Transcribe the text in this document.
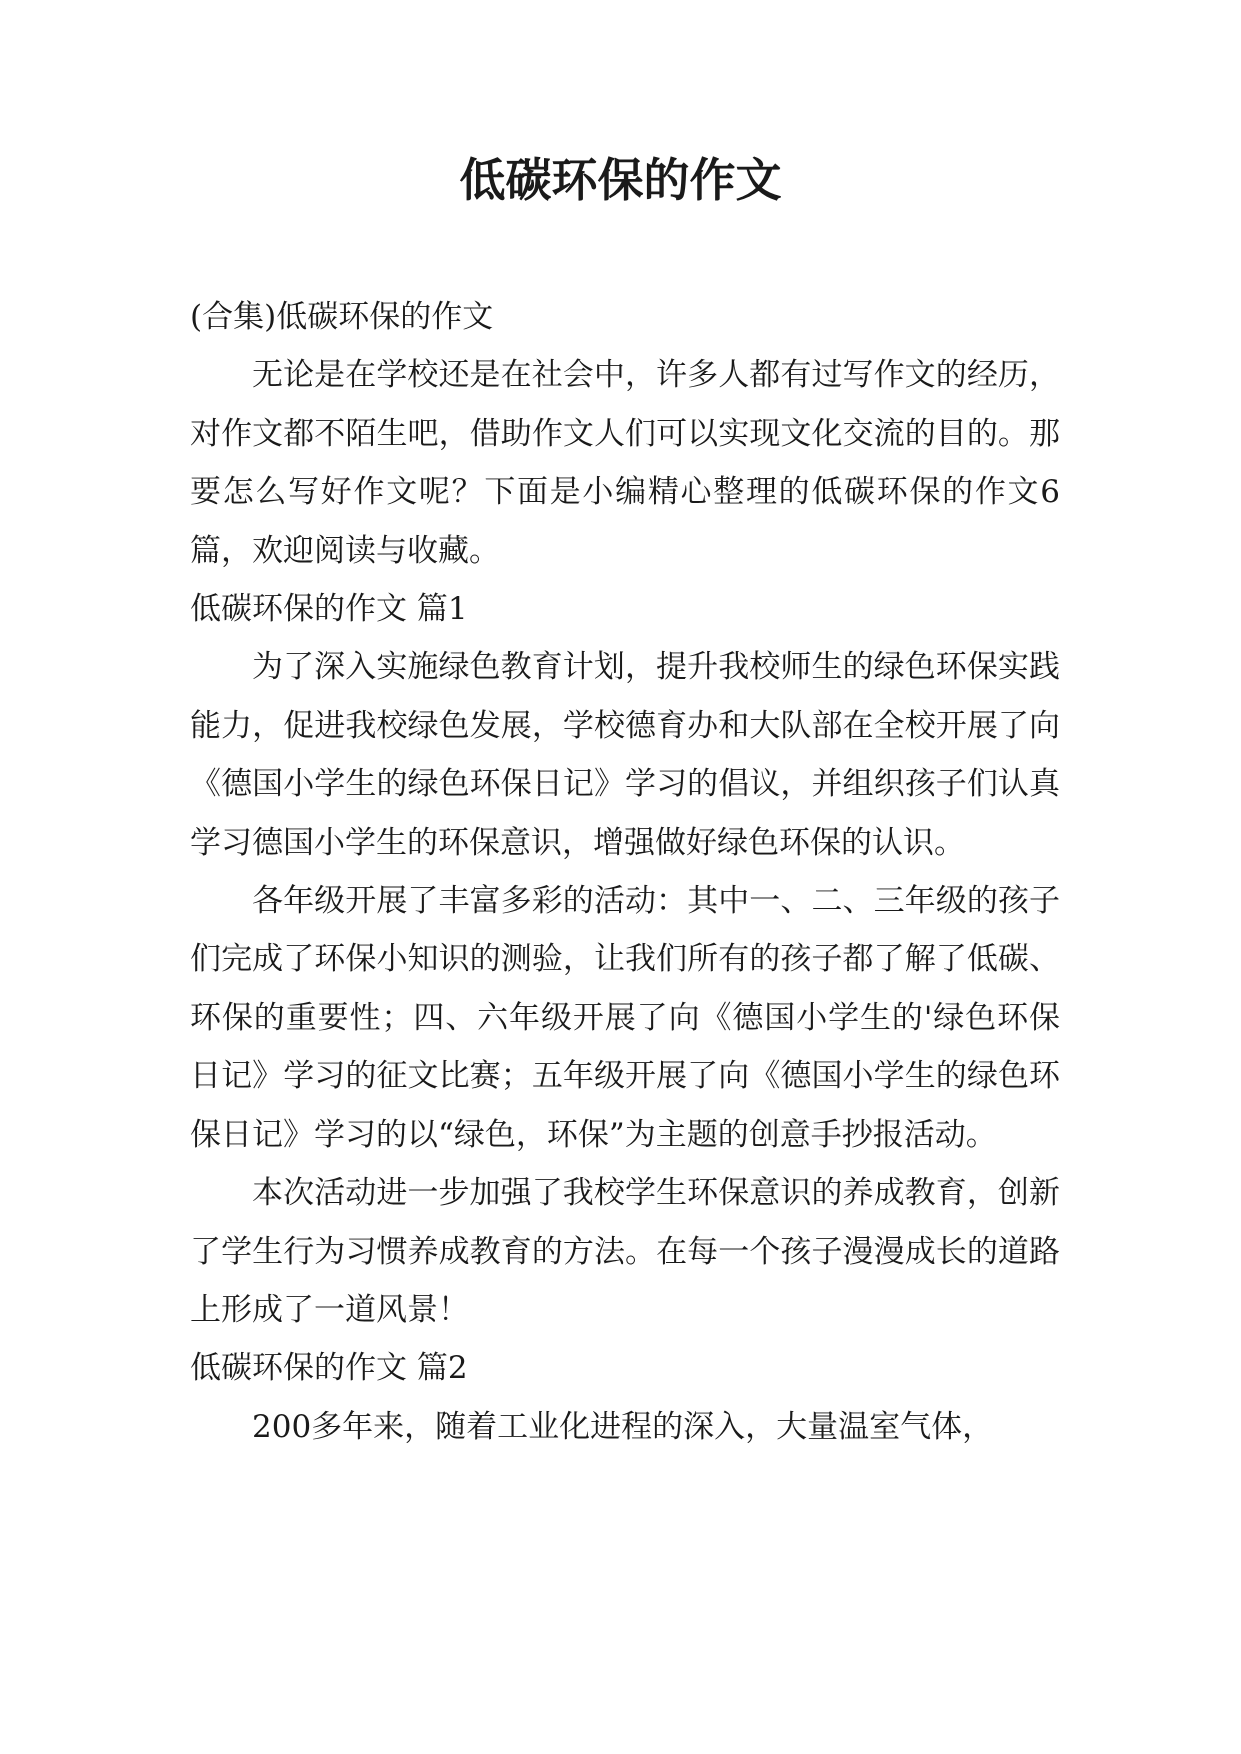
低碳环保的作文

(合集)低碳环保的作文

无论是在学校还是在社会中，许多人都有过写作文的经历，对作文都不陌生吧，借助作文人们可以实现文化交流的目的。那要怎么写好作文呢？下面是小编精心整理的低碳环保的作文6篇，欢迎阅读与收藏。

低碳环保的作文 篇1

为了深入实施绿色教育计划，提升我校师生的绿色环保实践能力，促进我校绿色发展，学校德育办和大队部在全校开展了向《德国小学生的绿色环保日记》学习的倡议，并组织孩子们认真学习德国小学生的环保意识，增强做好绿色环保的认识。

各年级开展了丰富多彩的活动：其中一、二、三年级的孩子们完成了环保小知识的测验，让我们所有的孩子都了解了低碳、环保的重要性；四、六年级开展了向《德国小学生的'绿色环保日记》学习的征文比赛；五年级开展了向《德国小学生的绿色环保日记》学习的以“绿色，环保”为主题的创意手抄报活动。

本次活动进一步加强了我校学生环保意识的养成教育，创新了学生行为习惯养成教育的方法。在每一个孩子漫漫成长的道路上形成了一道风景！

低碳环保的作文 篇2

200多年来，随着工业化进程的深入，大量温室气体，
